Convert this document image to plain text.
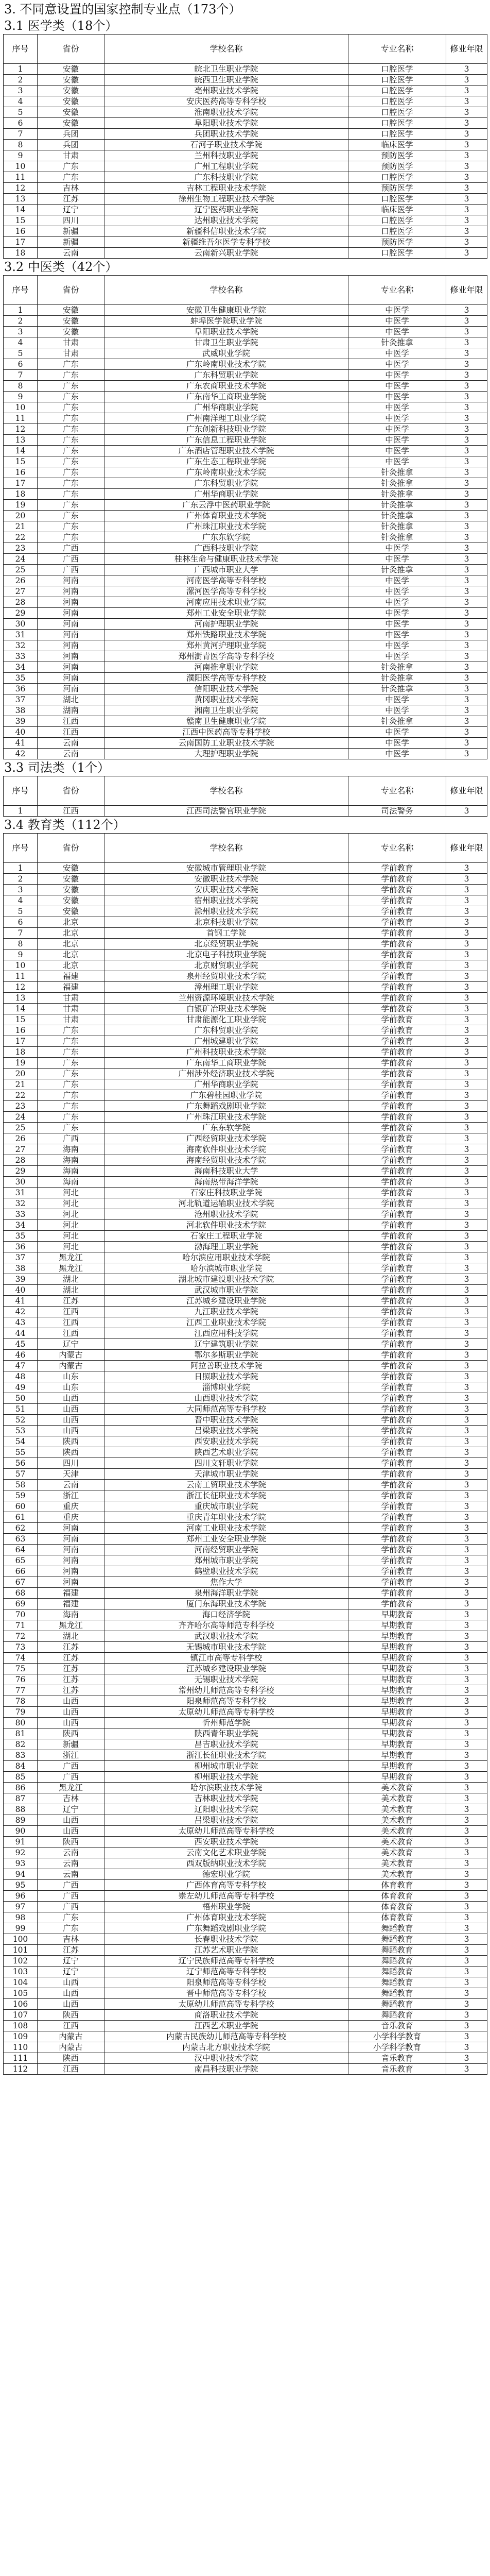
3. 不同意设置的国家控制专业点（173个）
3.1 医学类（18个）
序号	省份	学校名称	专业名称	修业年限
1	安徽	皖北卫生职业学院	口腔医学	3
2	安徽	皖西卫生职业学院	口腔医学	3
3	安徽	亳州职业技术学院	口腔医学	3
4	安徽	安庆医药高等专科学校	口腔医学	3
5	安徽	淮南职业技术学院	口腔医学	3
6	安徽	阜阳职业技术学院	口腔医学	3
7	兵团	兵团职业技术学院	口腔医学	3
8	兵团	石河子职业技术学院	临床医学	3
9	甘肃	兰州科技职业学院	预防医学	3
10	广东	广州工程职业学院	预防医学	3
11	广东	广东科技职业学院	口腔医学	3
12	吉林	吉林工程职业技术学院	预防医学	3
13	江苏	徐州生物工程职业技术学院	口腔医学	3
14	辽宁	辽宁医药职业学院	临床医学	3
15	四川	达州职业技术学院	口腔医学	3
16	新疆	新疆科信职业技术学院	口腔医学	3
17	新疆	新疆维吾尔医学专科学校	预防医学	3
18	云南	云南新兴职业学院	口腔医学	3
3.2 中医类（42个）
序号	省份	学校名称	专业名称	修业年限
1	安徽	安徽卫生健康职业学院	中医学	3
2	安徽	蚌埠医学院职业学院	中医学	3
3	安徽	阜阳职业技术学院	中医学	3
4	甘肃	甘肃卫生职业学院	针灸推拿	3
5	甘肃	武威职业学院	中医学	3
6	广东	广东岭南职业技术学院	中医学	3
7	广东	广东科贸职业学院	中医学	3
8	广东	广东农商职业技术学院	中医学	3
9	广东	广东南华工商职业学院	中医学	3
10	广东	广州华商职业学院	中医学	3
11	广东	广州南洋理工职业学院	中医学	3
12	广东	广东创新科技职业学院	中医学	3
13	广东	广东信息工程职业学院	中医学	3
14	广东	广东酒店管理职业技术学院	中医学	3
15	广东	广东生态工程职业学院	中医学	3
16	广东	广东岭南职业技术学院	针灸推拿	3
17	广东	广东科贸职业学院	针灸推拿	3
18	广东	广州华商职业学院	针灸推拿	3
19	广东	广东云浮中医药职业学院	针灸推拿	3
20	广东	广州体育职业技术学院	针灸推拿	3
21	广东	广州珠江职业技术学院	针灸推拿	3
22	广东	广东东软学院	针灸推拿	3
23	广西	广西科技职业学院	中医学	3
24	广西	桂林生命与健康职业技术学院	中医学	3
25	广西	广西城市职业大学	针灸推拿	3
26	河南	河南医学高等专科学校	中医学	3
27	河南	漯河医学高等专科学校	中医学	3
28	河南	河南应用技术职业学院	中医学	3
29	河南	郑州工业安全职业学院	中医学	3
30	河南	河南护理职业学院	中医学	3
31	河南	郑州铁路职业技术学院	中医学	3
32	河南	郑州黄河护理职业学院	中医学	3
33	河南	郑州澍青医学高等专科学校	中医学	3
34	河南	河南推拿职业学院	针灸推拿	3
35	河南	濮阳医学高等专科学校	针灸推拿	3
36	河南	信阳职业技术学院	针灸推拿	3
37	湖北	黄冈职业技术学院	中医学	3
38	湖南	湘南卫生职业学院	中医学	3
39	江西	赣南卫生健康职业学院	针灸推拿	3
40	江西	江西中医药高等专科学校	中医学	3
41	云南	云南国防工业职业技术学院	中医学	3
42	云南	大理护理职业学院	中医学	3
3.3 司法类（1个）
序号	省份	学校名称	专业名称	修业年限
1	江西	江西司法警官职业学院	司法警务	3
3.4 教育类（112个）
序号	省份	学校名称	专业名称	修业年限
1	安徽	安徽城市管理职业学院	学前教育	3
2	安徽	安徽职业技术学院	学前教育	3
3	安徽	安庆职业技术学院	学前教育	3
4	安徽	宿州职业技术学院	学前教育	3
5	安徽	滁州职业技术学院	学前教育	3
6	北京	北京科技职业学院	学前教育	3
7	北京	首钢工学院	学前教育	3
8	北京	北京经贸职业学院	学前教育	3
9	北京	北京电子科技职业学院	学前教育	3
10	北京	北京财贸职业学院	学前教育	3
11	福建	泉州经贸职业技术学院	学前教育	3
12	福建	漳州理工职业学院	学前教育	3
13	甘肃	兰州资源环境职业技术学院	学前教育	3
14	甘肃	白银矿冶职业技术学院	学前教育	3
15	甘肃	甘肃能源化工职业学院	学前教育	3
16	广东	广东科贸职业学院	学前教育	3
17	广东	广州城建职业学院	学前教育	3
18	广东	广州科技职业技术学院	学前教育	3
19	广东	广东南华工商职业学院	学前教育	3
20	广东	广州涉外经济职业技术学院	学前教育	3
21	广东	广州华商职业学院	学前教育	3
22	广东	广东碧桂园职业学院	学前教育	3
23	广东	广东舞蹈戏剧职业学院	学前教育	3
24	广东	广州珠江职业技术学院	学前教育	3
25	广东	广东东软学院	学前教育	3
26	广西	广西经贸职业技术学院	学前教育	3
27	海南	海南软件职业技术学院	学前教育	3
28	海南	海南经贸职业技术学院	学前教育	3
29	海南	海南科技职业大学	学前教育	3
30	海南	海南热带海洋学院	学前教育	3
31	河北	石家庄科技职业学院	学前教育	3
32	河北	河北轨道运输职业技术学院	学前教育	3
33	河北	沧州职业技术学院	学前教育	3
34	河北	河北软件职业技术学院	学前教育	3
35	河北	石家庄工程职业学院	学前教育	3
36	河北	渤海理工职业学院	学前教育	3
37	黑龙江	哈尔滨应用职业技术学院	学前教育	3
38	黑龙江	哈尔滨城市职业学院	学前教育	3
39	湖北	湖北城市建设职业技术学院	学前教育	3
40	湖北	武汉城市职业学院	学前教育	3
41	江苏	江苏城乡建设职业学院	学前教育	3
42	江西	九江职业技术学院	学前教育	3
43	江西	江西工业职业技术学院	学前教育	3
44	江西	江西应用科技学院	学前教育	3
45	辽宁	辽宁建筑职业学院	学前教育	3
46	内蒙古	鄂尔多斯职业学院	学前教育	3
47	内蒙古	阿拉善职业技术学院	学前教育	3
48	山东	日照职业技术学院	学前教育	3
49	山东	淄博职业学院	学前教育	3
50	山西	山西职业技术学院	学前教育	3
51	山西	大同师范高等专科学校	学前教育	3
52	山西	晋中职业技术学院	学前教育	3
53	山西	吕梁职业技术学院	学前教育	3
54	陕西	西安职业技术学院	学前教育	3
55	陕西	陕西艺术职业学院	学前教育	3
56	四川	四川文轩职业学院	学前教育	3
57	天津	天津城市职业学院	学前教育	3
58	云南	云南工贸职业技术学院	学前教育	3
59	浙江	浙江长征职业技术学院	学前教育	3
60	重庆	重庆城市职业学院	学前教育	3
61	重庆	重庆青年职业技术学院	学前教育	3
62	河南	河南工业职业技术学院	学前教育	3
63	河南	郑州工业安全职业学院	学前教育	3
64	河南	河南经贸职业学院	学前教育	3
65	河南	郑州城市职业学院	学前教育	3
66	河南	鹤壁职业技术学院	学前教育	3
67	河南	焦作大学	学前教育	3
68	福建	泉州海洋职业学院	学前教育	3
69	福建	厦门东海职业技术学院	学前教育	3
70	海南	海口经济学院	早期教育	3
71	黑龙江	齐齐哈尔高等师范专科学校	早期教育	3
72	湖北	武汉职业技术学院	早期教育	3
73	江苏	无锡城市职业技术学院	早期教育	3
74	江苏	镇江市高等专科学校	早期教育	3
75	江苏	江苏城乡建设职业学院	早期教育	3
76	江苏	无锡职业技术学院	早期教育	3
77	江苏	常州幼儿师范高等专科学校	早期教育	3
78	山西	阳泉师范高等专科学校	早期教育	3
79	山西	太原幼儿师范高等专科学校	早期教育	3
80	山西	忻州师范学院	早期教育	3
81	陕西	陕西青年职业学院	早期教育	3
82	新疆	昌吉职业技术学院	早期教育	3
83	浙江	浙江长征职业技术学院	早期教育	3
84	广西	柳州城市职业学院	早期教育	3
85	广西	柳州职业技术学院	早期教育	3
86	黑龙江	哈尔滨职业技术学院	美术教育	3
87	吉林	吉林职业技术学院	美术教育	3
88	辽宁	辽阳职业技术学院	美术教育	3
89	山西	吕梁职业技术学院	美术教育	3
90	山西	太原幼儿师范高等专科学校	美术教育	3
91	陕西	西安职业技术学院	美术教育	3
92	云南	云南文化艺术职业学院	美术教育	3
93	云南	西双版纳职业技术学院	美术教育	3
94	云南	德宏职业学院	美术教育	3
95	广西	广西体育高等专科学校	体育教育	3
96	广西	崇左幼儿师范高等专科学校	体育教育	3
97	广西	梧州职业学院	体育教育	3
98	广东	广州体育职业技术学院	体育教育	3
99	广东	广东舞蹈戏剧职业学院	舞蹈教育	3
100	吉林	长春职业技术学院	舞蹈教育	3
101	江苏	江苏艺术职业学院	舞蹈教育	3
102	辽宁	辽宁民族师范高等专科学校	舞蹈教育	3
103	辽宁	辽宁师范高等专科学校	舞蹈教育	3
104	山西	阳泉师范高等专科学校	舞蹈教育	3
105	山西	晋中师范高等专科学校	舞蹈教育	3
106	山西	太原幼儿师范高等专科学校	舞蹈教育	3
107	陕西	商洛职业技术学院	舞蹈教育	3
108	江西	江西艺术职业学院	音乐教育	3
109	内蒙古	内蒙古民族幼儿师范高等专科学校	小学科学教育	3
110	内蒙古	内蒙古北方职业技术学院	小学科学教育	3
111	陕西	汉中职业技术学院	音乐教育	3
112	江西	南昌科技职业学院	音乐教育	3
